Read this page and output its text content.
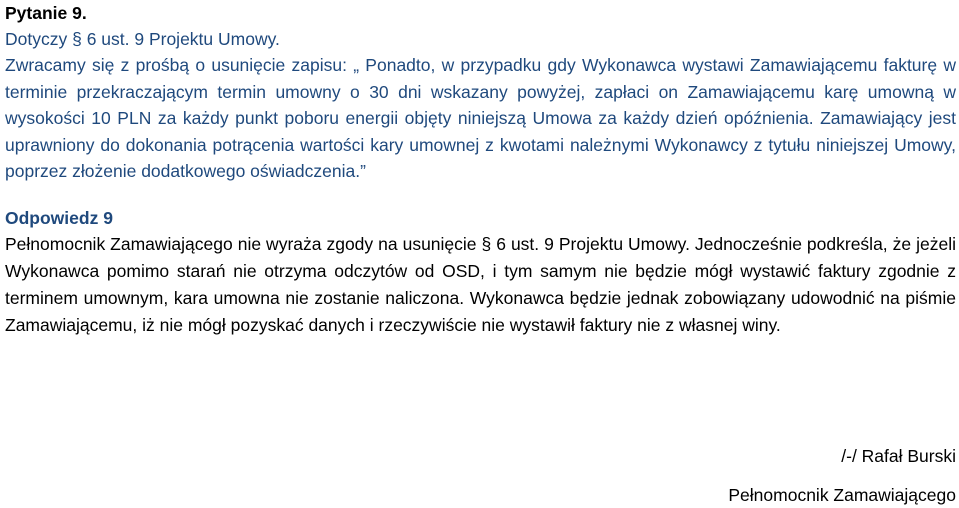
Pytanie 9.
Dotyczy § 6 ust. 9 Projektu Umowy.

Zwracamy się z prośbą o usunięcie zapisu: „ Ponadto, w przypadku gdy Wykonawca wystawi Zamawiającemu fakturę w terminie przekraczającym termin umowny o 30 dni wskazany powyżej, zapłaci on Zamawiającemu karę umowną w wysokości 10 PLN za każdy punkt poboru energii objęty niniejszą Umowa za każdy dzień opóźnienia. Zamawiający jest uprawniony do dokonania potrącenia wartości kary umownej z kwotami należnymi Wykonawcy z tytułu niniejszej Umowy, poprzez złożenie dodatkowego oświadczenia.”

Odpowiedz 9

Pełnomocnik Zamawiającego nie wyraża zgody na usunięcie § 6 ust. 9 Projektu Umowy. Jednocześnie podkreśla, że jeżeli Wykonawca pomimo starań nie otrzyma odczytów od OSD, i tym samym nie będzie mógł wystawić faktury zgodnie z terminem umownym, kara umowna nie zostanie naliczona. Wykonawca będzie jednak zobowiązany udowodnić na piśmie Zamawiającemu, iż nie mógł pozyskać danych i rzeczywiście nie wystawił faktury nie z własnej winy.

/-/ Rafał Burski
Pełnomocnik Zamawiającego
